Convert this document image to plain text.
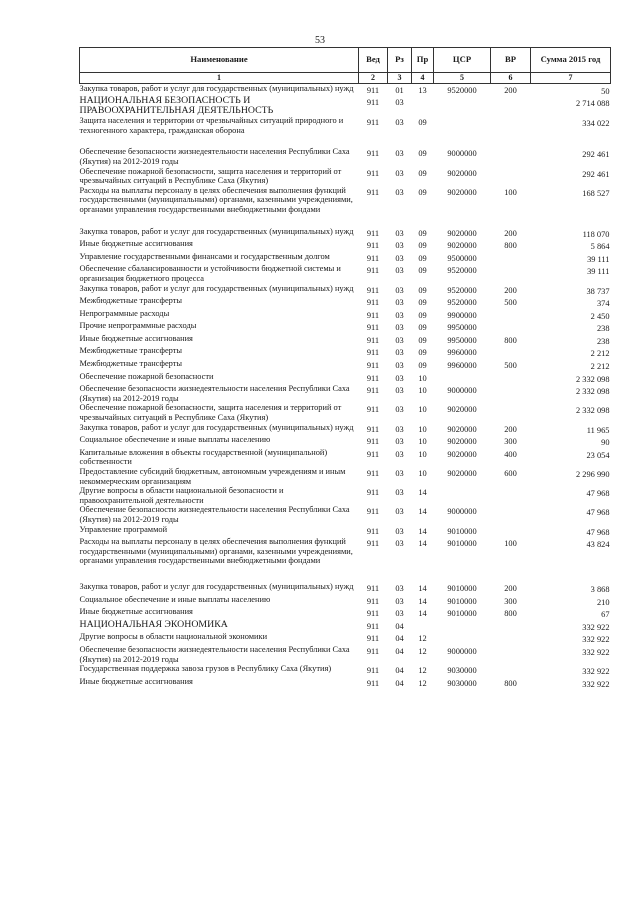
53
Наименование	Вед	Рз	Пр	ЦСР	ВР	Сумма 2015 год
1	2	3	4	5	6	7
Закупка товаров, работ и услуг для государственных (муниципальных) нужд	911	01	13	9520000	200	50
НАЦИОНАЛЬНАЯ БЕЗОПАСНОСТЬ И ПРАВООХРАНИТЕЛЬНАЯ ДЕЯТЕЛЬНОСТЬ	911	03				2 714 088
Защита населения и территории от чрезвычайных ситуаций природного и техногенного характера, гражданская оборона	911	03	09			334 022
Обеспечение безопасности жизнедеятельности населения Республики Саха (Якутия) на 2012-2019 годы	911	03	09	9000000		292 461
Обеспечение пожарной безопасности, защита населения и территорий от чрезвычайных ситуаций в Республике Саха (Якутия)	911	03	09	9020000		292 461
Расходы на выплаты персоналу в целях обеспечения выполнения функций государственными (муниципальными) органами, казенными учреждениями, органами управления государственными внебюджетными фондами	911	03	09	9020000	100	168 527
Закупка товаров, работ и услуг для государственных (муниципальных) нужд	911	03	09	9020000	200	118 070
Иные бюджетные ассигнования	911	03	09	9020000	800	5 864
Управление государственными финансами и государственным долгом	911	03	09	9500000		39 111
Обеспечение сбалансированности и устойчивости бюджетной системы и организация бюджетного процесса	911	03	09	9520000		39 111
Закупка товаров, работ и услуг для государственных (муниципальных) нужд	911	03	09	9520000	200	38 737
Межбюджетные трансферты	911	03	09	9520000	500	374
Непрограммные расходы	911	03	09	9900000		2 450
Прочие непрограммные расходы	911	03	09	9950000		238
Иные бюджетные ассигнования	911	03	09	9950000	800	238
Межбюджетные трансферты	911	03	09	9960000		2 212
Межбюджетные трансферты	911	03	09	9960000	500	2 212
Обеспечение пожарной безопасности	911	03	10			2 332 098
Обеспечение безопасности жизнедеятельности населения Республики Саха (Якутия) на 2012-2019 годы	911	03	10	9000000		2 332 098
Обеспечение пожарной безопасности, защита населения и территорий от чрезвычайных ситуаций в Республике Саха (Якутия)	911	03	10	9020000		2 332 098
Закупка товаров, работ и услуг для государственных (муниципальных) нужд	911	03	10	9020000	200	11 965
Социальное обеспечение и иные выплаты населению	911	03	10	9020000	300	90
Капитальные вложения в объекты государственной (муниципальной) собственности	911	03	10	9020000	400	23 054
Предоставление субсидий бюджетным, автономным учреждениям и иным некоммерческим организациям	911	03	10	9020000	600	2 296 990
Другие вопросы в области национальной безопасности и правоохранительной деятельности	911	03	14			47 968
Обеспечение безопасности жизнедеятельности населения Республики Саха (Якутия) на 2012-2019 годы	911	03	14	9000000		47 968
Управление программой	911	03	14	9010000		47 968
Расходы на выплаты персоналу в целях обеспечения выполнения функций государственными (муниципальными) органами, казенными учреждениями, органами управления государственными внебюджетными фондами	911	03	14	9010000	100	43 824
Закупка товаров, работ и услуг для государственных (муниципальных) нужд	911	03	14	9010000	200	3 868
Социальное обеспечение и иные выплаты населению	911	03	14	9010000	300	210
Иные бюджетные ассигнования	911	03	14	9010000	800	67
НАЦИОНАЛЬНАЯ ЭКОНОМИКА	911	04				332 922
Другие вопросы в области национальной экономики	911	04	12			332 922
Обеспечение безопасности жизнедеятельности населения Республики Саха (Якутия) на 2012-2019 годы	911	04	12	9000000		332 922
Государственная поддержка завоза грузов в Республику Саха (Якутия)	911	04	12	9030000		332 922
Иные бюджетные ассигнования	911	04	12	9030000	800	332 922
